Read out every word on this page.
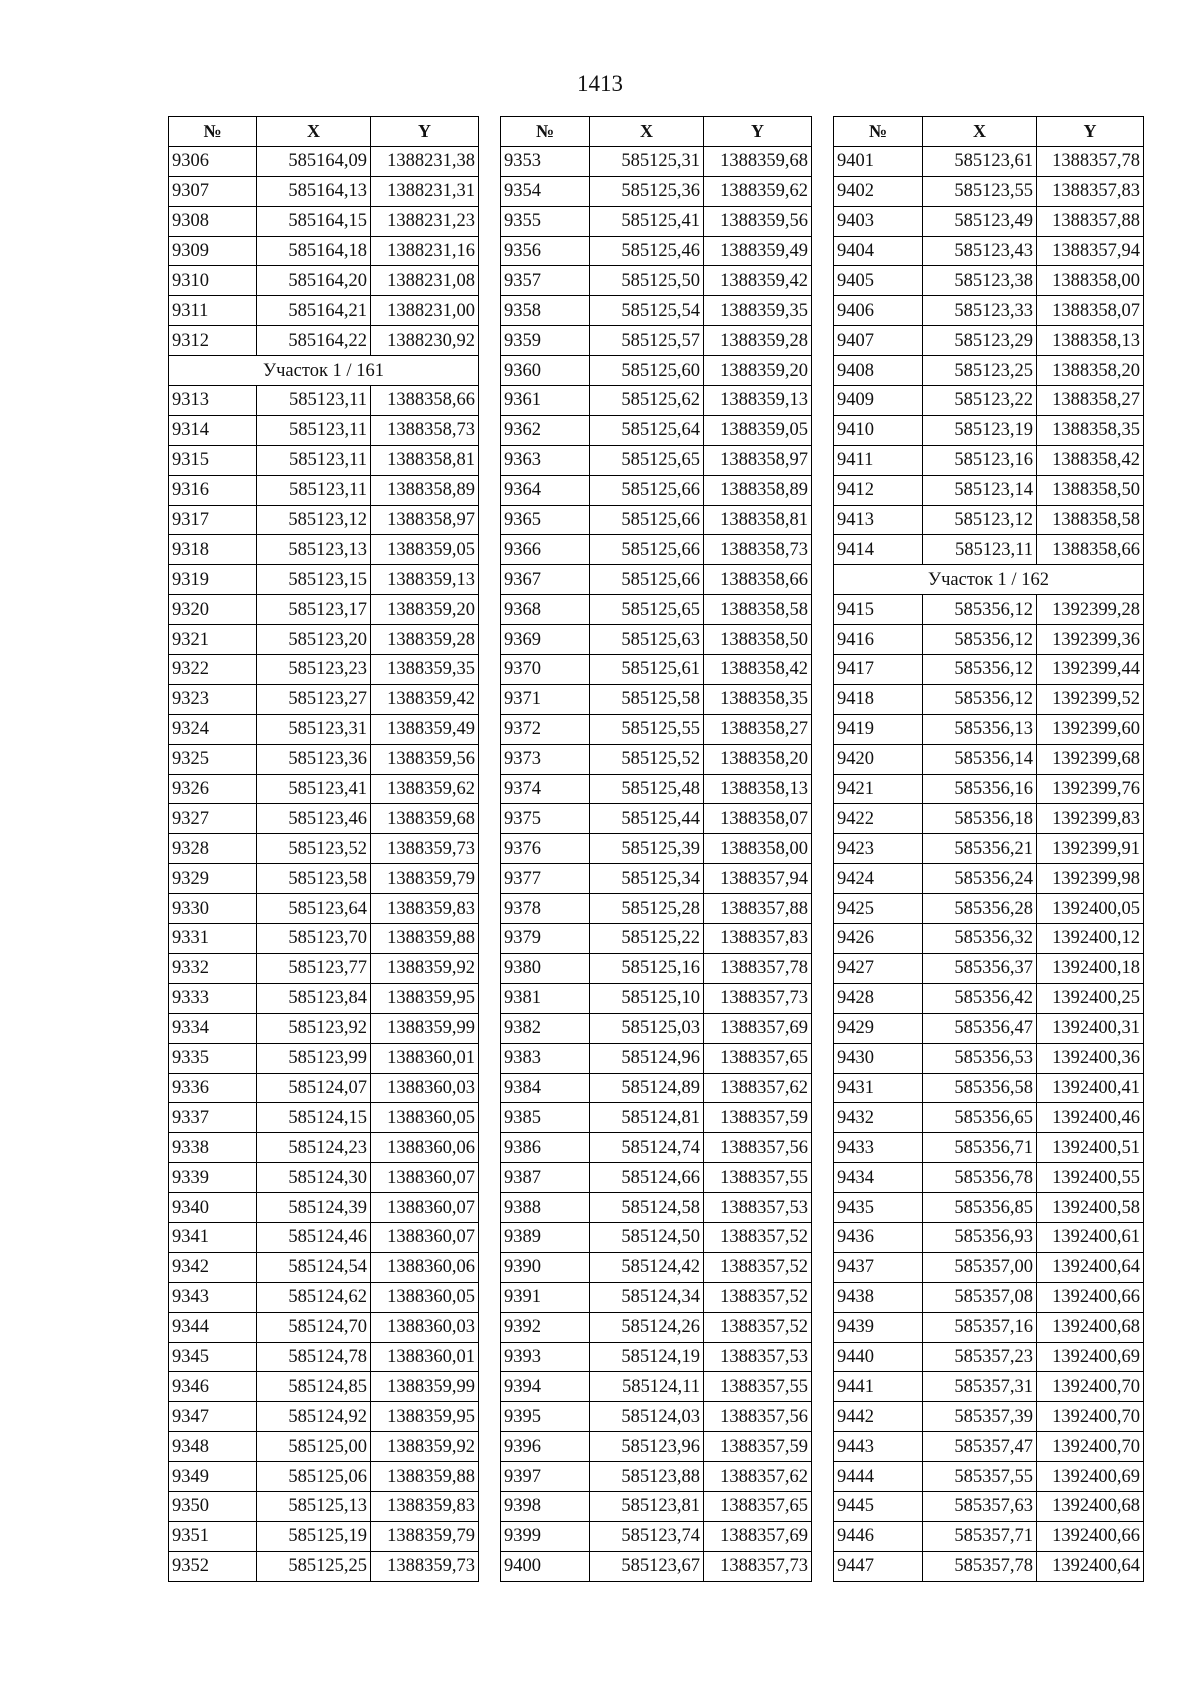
1413
№	X	Y
9306	585164,09	1388231,38
9307	585164,13	1388231,31
9308	585164,15	1388231,23
9309	585164,18	1388231,16
9310	585164,20	1388231,08
9311	585164,21	1388231,00
9312	585164,22	1388230,92
Участок 1 / 161		
9313	585123,11	1388358,66
9314	585123,11	1388358,73
9315	585123,11	1388358,81
9316	585123,11	1388358,89
9317	585123,12	1388358,97
9318	585123,13	1388359,05
9319	585123,15	1388359,13
9320	585123,17	1388359,20
9321	585123,20	1388359,28
9322	585123,23	1388359,35
9323	585123,27	1388359,42
9324	585123,31	1388359,49
9325	585123,36	1388359,56
9326	585123,41	1388359,62
9327	585123,46	1388359,68
9328	585123,52	1388359,73
9329	585123,58	1388359,79
9330	585123,64	1388359,83
9331	585123,70	1388359,88
9332	585123,77	1388359,92
9333	585123,84	1388359,95
9334	585123,92	1388359,99
9335	585123,99	1388360,01
9336	585124,07	1388360,03
9337	585124,15	1388360,05
9338	585124,23	1388360,06
9339	585124,30	1388360,07
9340	585124,39	1388360,07
9341	585124,46	1388360,07
9342	585124,54	1388360,06
9343	585124,62	1388360,05
9344	585124,70	1388360,03
9345	585124,78	1388360,01
9346	585124,85	1388359,99
9347	585124,92	1388359,95
9348	585125,00	1388359,92
9349	585125,06	1388359,88
9350	585125,13	1388359,83
9351	585125,19	1388359,79
9352	585125,25	1388359,73
№	X	Y
9353	585125,31	1388359,68
9354	585125,36	1388359,62
9355	585125,41	1388359,56
9356	585125,46	1388359,49
9357	585125,50	1388359,42
9358	585125,54	1388359,35
9359	585125,57	1388359,28
9360	585125,60	1388359,20
9361	585125,62	1388359,13
9362	585125,64	1388359,05
9363	585125,65	1388358,97
9364	585125,66	1388358,89
9365	585125,66	1388358,81
9366	585125,66	1388358,73
9367	585125,66	1388358,66
9368	585125,65	1388358,58
9369	585125,63	1388358,50
9370	585125,61	1388358,42
9371	585125,58	1388358,35
9372	585125,55	1388358,27
9373	585125,52	1388358,20
9374	585125,48	1388358,13
9375	585125,44	1388358,07
9376	585125,39	1388358,00
9377	585125,34	1388357,94
9378	585125,28	1388357,88
9379	585125,22	1388357,83
9380	585125,16	1388357,78
9381	585125,10	1388357,73
9382	585125,03	1388357,69
9383	585124,96	1388357,65
9384	585124,89	1388357,62
9385	585124,81	1388357,59
9386	585124,74	1388357,56
9387	585124,66	1388357,55
9388	585124,58	1388357,53
9389	585124,50	1388357,52
9390	585124,42	1388357,52
9391	585124,34	1388357,52
9392	585124,26	1388357,52
9393	585124,19	1388357,53
9394	585124,11	1388357,55
9395	585124,03	1388357,56
9396	585123,96	1388357,59
9397	585123,88	1388357,62
9398	585123,81	1388357,65
9399	585123,74	1388357,69
9400	585123,67	1388357,73
№	X	Y
9401	585123,61	1388357,78
9402	585123,55	1388357,83
9403	585123,49	1388357,88
9404	585123,43	1388357,94
9405	585123,38	1388358,00
9406	585123,33	1388358,07
9407	585123,29	1388358,13
9408	585123,25	1388358,20
9409	585123,22	1388358,27
9410	585123,19	1388358,35
9411	585123,16	1388358,42
9412	585123,14	1388358,50
9413	585123,12	1388358,58
9414	585123,11	1388358,66
Участок 1 / 162		
9415	585356,12	1392399,28
9416	585356,12	1392399,36
9417	585356,12	1392399,44
9418	585356,12	1392399,52
9419	585356,13	1392399,60
9420	585356,14	1392399,68
9421	585356,16	1392399,76
9422	585356,18	1392399,83
9423	585356,21	1392399,91
9424	585356,24	1392399,98
9425	585356,28	1392400,05
9426	585356,32	1392400,12
9427	585356,37	1392400,18
9428	585356,42	1392400,25
9429	585356,47	1392400,31
9430	585356,53	1392400,36
9431	585356,58	1392400,41
9432	585356,65	1392400,46
9433	585356,71	1392400,51
9434	585356,78	1392400,55
9435	585356,85	1392400,58
9436	585356,93	1392400,61
9437	585357,00	1392400,64
9438	585357,08	1392400,66
9439	585357,16	1392400,68
9440	585357,23	1392400,69
9441	585357,31	1392400,70
9442	585357,39	1392400,70
9443	585357,47	1392400,70
9444	585357,55	1392400,69
9445	585357,63	1392400,68
9446	585357,71	1392400,66
9447	585357,78	1392400,64
